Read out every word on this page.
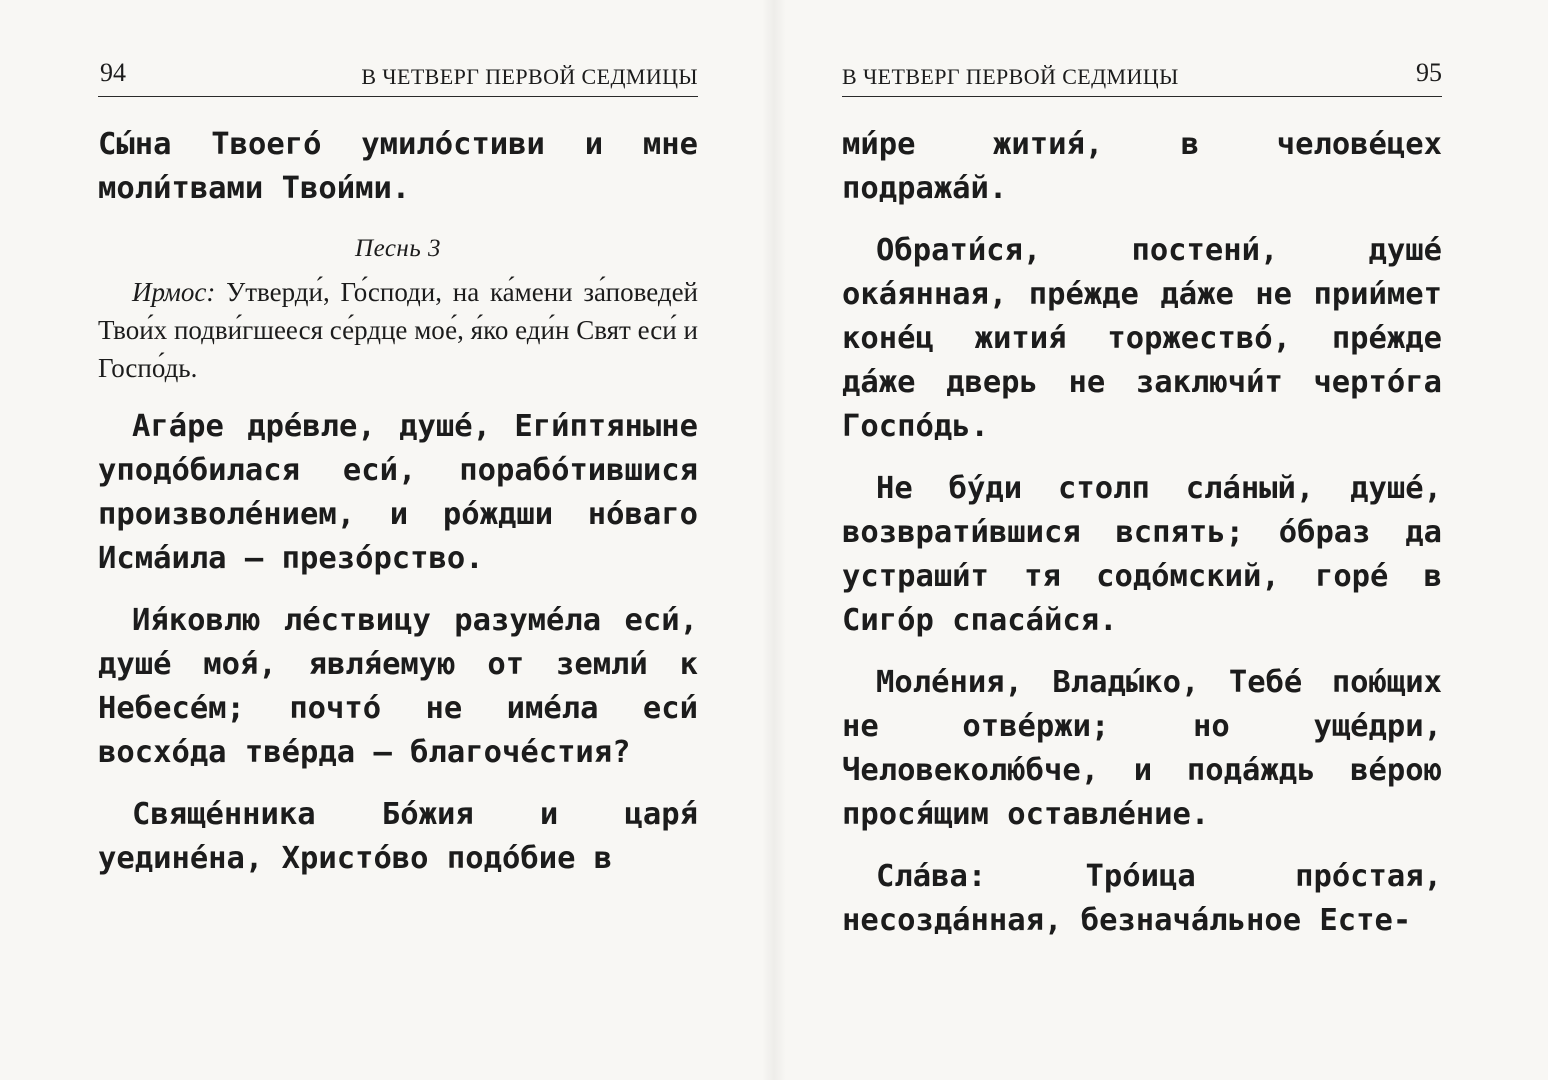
94	В ЧЕТВЕРГ ПЕРВОЙ СЕДМИЦЫ

Сы́на Твоего́ умило́стиви и мне моли́твами Твои́ми.

Песнь 3

Ирмос: Утверди́, Го́споди, на ка́мени за́поведей Твои́х подви́гшееся се́рдце мое́, я́ко еди́н Свят еси́ и Госпо́дь.

Ага́ре дре́вле, душе́, Еги́птяныне уподо́билася еси́, порабóтившися произволе́нием, и ро́ждши но́ваго Исма́ила – презо́рство.

Ия́ковлю ле́ствицу разуме́ла еси́, душе́ моя́, явля́емую от земли́ к Небесе́м; почто́ не име́ла еси́ восхо́да тве́рда – благоче́стия?

Свяще́нника Бо́жия и царя́ уедине́на, Христо́во подо́бие в

В ЧЕТВЕРГ ПЕРВОЙ СЕДМИЦЫ	95

ми́ре жития́, в челове́цех подража́й.

Обрати́ся, постени́, душе́ ока́янная, пре́жде да́же не прии́мет коне́ц жития́ торжество́, пре́жде да́же дверь не заключи́т черто́га Госпо́дь.

Не бу́ди столп сла́ный, душе́, возврати́вшися вспять; о́браз да устраши́т тя содо́мский, горе́ в Сиго́р спаса́йся.

Моле́ния, Влады́ко, Тебе́ пою́щих не отве́ржи; но уще́дри, Человеколю́бче, и пода́ждь ве́рою прося́щим оставле́ние.

Сла́ва: Тро́ица про́стая, несозда́нная, безнача́льное Есте-
